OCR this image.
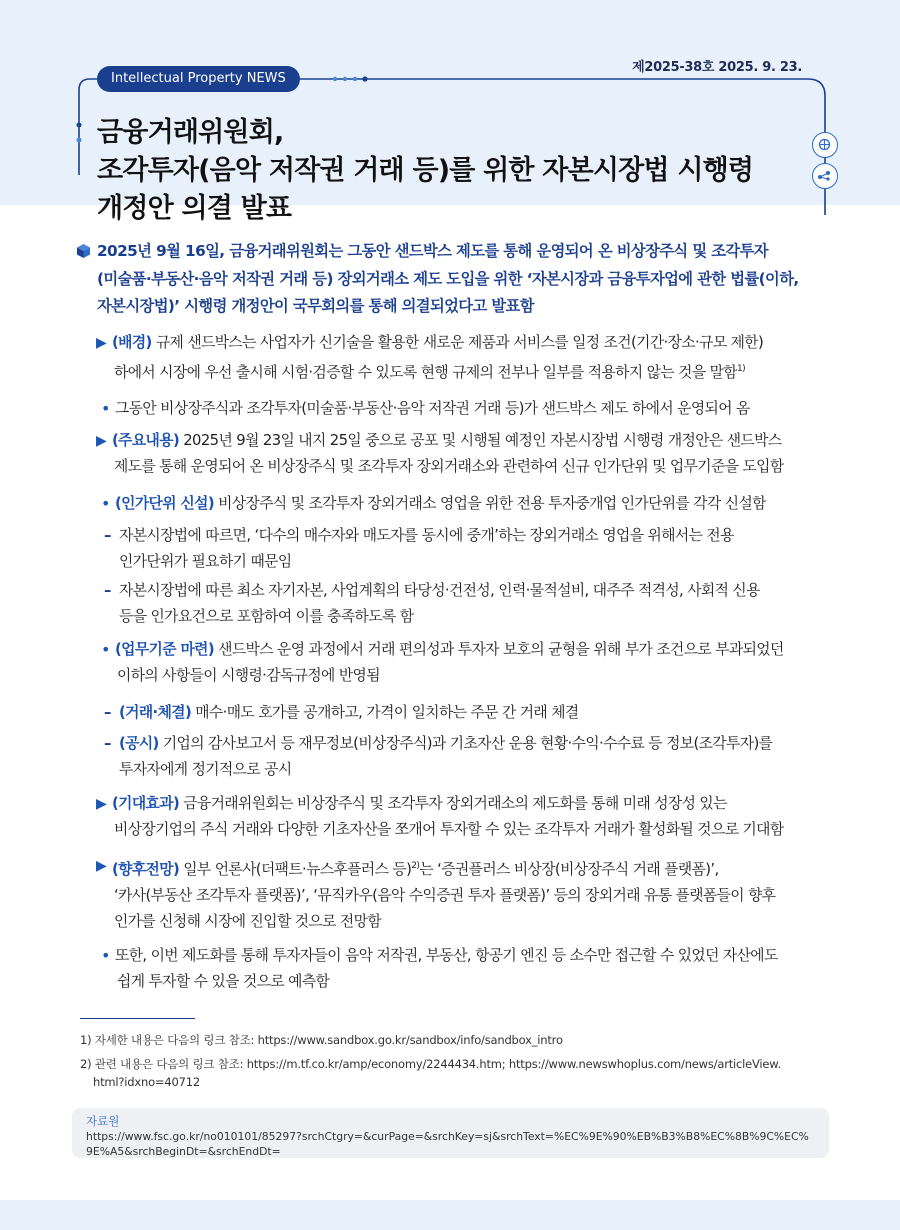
제2025-38호 2025. 9. 23.
Intellectual Property NEWS
금융거래위원회,
조각투자(음악 저작권 거래 등)를 위한 자본시장법 시행령
개정안 의결 발표
2025년 9월 16일, 금융거래위원회는 그동안 샌드박스 제도를 통해 운영되어 온 비상장주식 및 조각투자
(미술품·부동산·음악 저작권 거래 등) 장외거래소 제도 도입을 위한 ‘자본시장과 금융투자업에 관한 법률(이하,
자본시장법)’ 시행령 개정안이 국무회의를 통해 의결되었다고 발표함
▶ (배경) 규제 샌드박스는 사업자가 신기술을 활용한 새로운 제품과 서비스를 일정 조건(기간·장소·규모 제한)
하에서 시장에 우선 출시해 시험·검증할 수 있도록 현행 규제의 전부나 일부를 적용하지 않는 것을 말함$^{1)}$
• 그동안 비상장주식과 조각투자(미술품·부동산·음악 저작권 거래 등)가 샌드박스 제도 하에서 운영되어 옴
▶ (주요내용) 2025년 9월 23일 내지 25일 중으로 공포 및 시행될 예정인 자본시장법 시행령 개정안은 샌드박스
제도를 통해 운영되어 온 비상장주식 및 조각투자 장외거래소와 관련하여 신규 인가단위 및 업무기준을 도입함
• (인가단위 신설) 비상장주식 및 조각투자 장외거래소 영업을 위한 전용 투자중개업 인가단위를 각각 신설함
– 자본시장법에 따르면, ‘다수의 매수자와 매도자를 동시에 중개’하는 장외거래소 영업을 위해서는 전용
인가단위가 필요하기 때문임
– 자본시장법에 따른 최소 자기자본, 사업계획의 타당성·건전성, 인력·물적설비, 대주주 적격성, 사회적 신용
등을 인가요건으로 포함하여 이를 충족하도록 함
• (업무기준 마련) 샌드박스 운영 과정에서 거래 편의성과 투자자 보호의 균형을 위해 부가 조건으로 부과되었던
이하의 사항들이 시행령·감독규정에 반영됨
– (거래·체결) 매수·매도 호가를 공개하고, 가격이 일치하는 주문 간 거래 체결
– (공시) 기업의 감사보고서 등 재무정보(비상장주식)과 기초자산 운용 현황·수익·수수료 등 정보(조각투자)를
투자자에게 정기적으로 공시
▶ (기대효과) 금융거래위원회는 비상장주식 및 조각투자 장외거래소의 제도화를 통해 미래 성장성 있는
비상장기업의 주식 거래와 다양한 기초자산을 쪼개어 투자할 수 있는 조각투자 거래가 활성화될 것으로 기대함
▶ (향후전망) 일부 언론사(더팩트·뉴스후플러스 등)$^{2)}$는 ‘증권플러스 비상장(비상장주식 거래 플랫폼)’,
‘카사(부동산 조각투자 플랫폼)’, ‘뮤직카우(음악 수익증권 투자 플랫폼)’ 등의 장외거래 유통 플랫폼들이 향후
인가를 신청해 시장에 진입할 것으로 전망함
• 또한, 이번 제도화를 통해 투자자들이 음악 저작권, 부동산, 항공기 엔진 등 소수만 접근할 수 있었던 자산에도
쉽게 투자할 수 있을 것으로 예측함
1) 자세한 내용은 다음의 링크 참조: https://www.sandbox.go.kr/sandbox/info/sandbox_intro
2) 관련 내용은 다음의 링크 참조: https://m.tf.co.kr/amp/economy/2244434.htm; https://www.newswhoplus.com/news/articleView.
html?idxno=40712
자료원
https://www.fsc.go.kr/no010101/85297?srchCtgry=&curPage=&srchKey=sj&srchText=%EC%9E%90%EB%B3%B8%EC%8B%9C%EC%9E%A5&srchBeginDt=&srchEndDt=
